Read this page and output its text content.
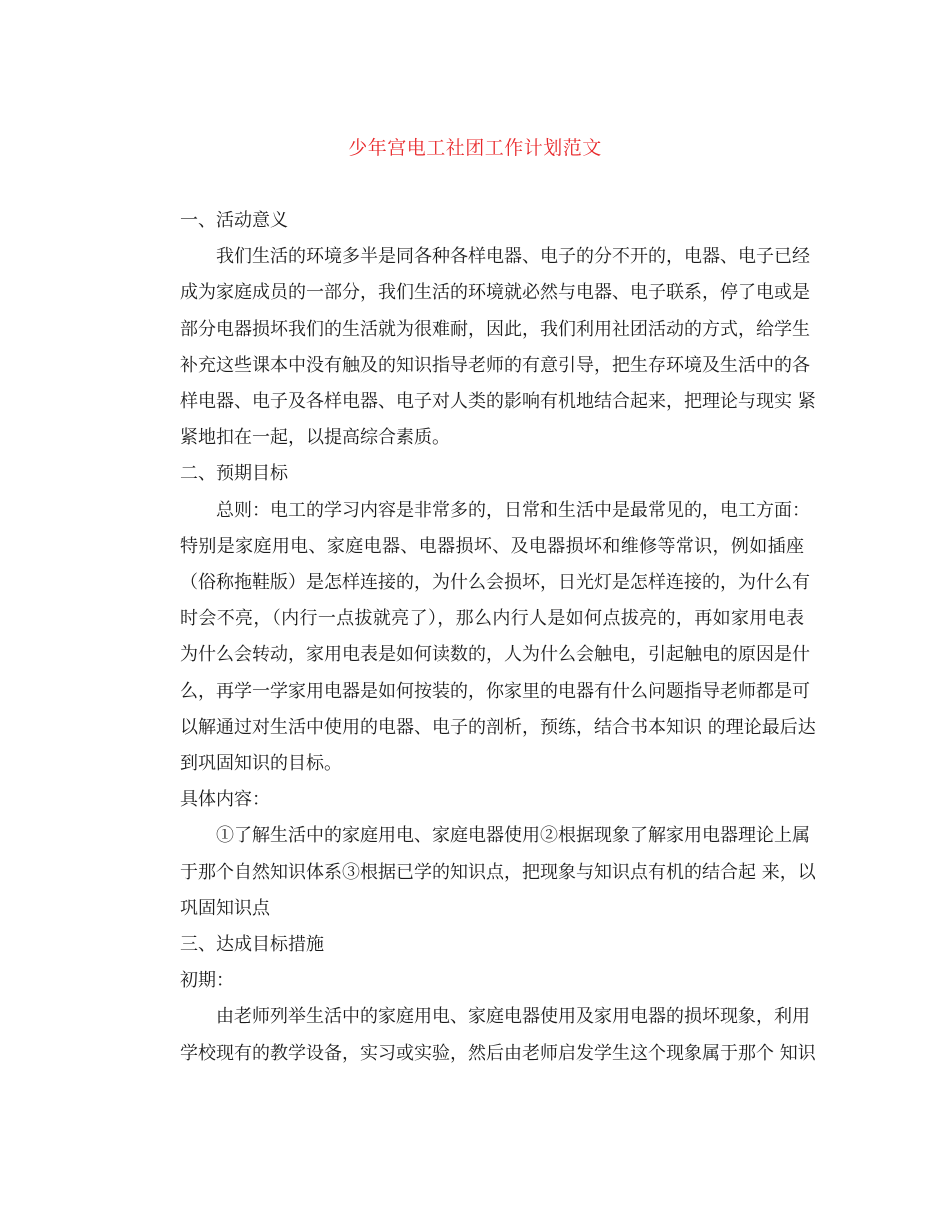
少年宫电工社团工作计划范文

一、活动意义

我们生活的环境多半是同各种各样电器、电子的分不开的，电器、电子已经
成为家庭成员的一部分，我们生活的环境就必然与电器、电子联系，停了电或是
部分电器损坏我们的生活就为很难耐，因此，我们利用社团活动的方式，给学生
补充这些课本中没有触及的知识指导老师的有意引导，把生存环境及生活中的各
样电器、电子及各样电器、电子对人类的影响有机地结合起来，把理论与现实 紧
紧地扣在一起，以提高综合素质。

二、预期目标

总则：电工的学习内容是非常多的，日常和生活中是最常见的，电工方面：
特别是家庭用电、家庭电器、电器损坏、及电器损坏和维修等常识，例如插座
（俗称拖鞋版）是怎样连接的，为什么会损坏，日光灯是怎样连接的，为什么有
时会不亮，（内行一点拔就亮了），那么内行人是如何点拔亮的，再如家用电表
为什么会转动，家用电表是如何读数的，人为什么会触电，引起触电的原因是什
么，再学一学家用电器是如何按装的，你家里的电器有什么问题指导老师都是可
以解通过对生活中使用的电器、电子的剖析，预练，结合书本知识 的理论最后达
到巩固知识的目标。

具体内容：

①了解生活中的家庭用电、家庭电器使用②根据现象了解家用电器理论上属
于那个自然知识体系③根据已学的知识点，把现象与知识点有机的结合起 来，以
巩固知识点

三、达成目标措施

初期：

由老师列举生活中的家庭用电、家庭电器使用及家用电器的损坏现象，利用
学校现有的教学设备，实习或实验，然后由老师启发学生这个现象属于那个 知识
